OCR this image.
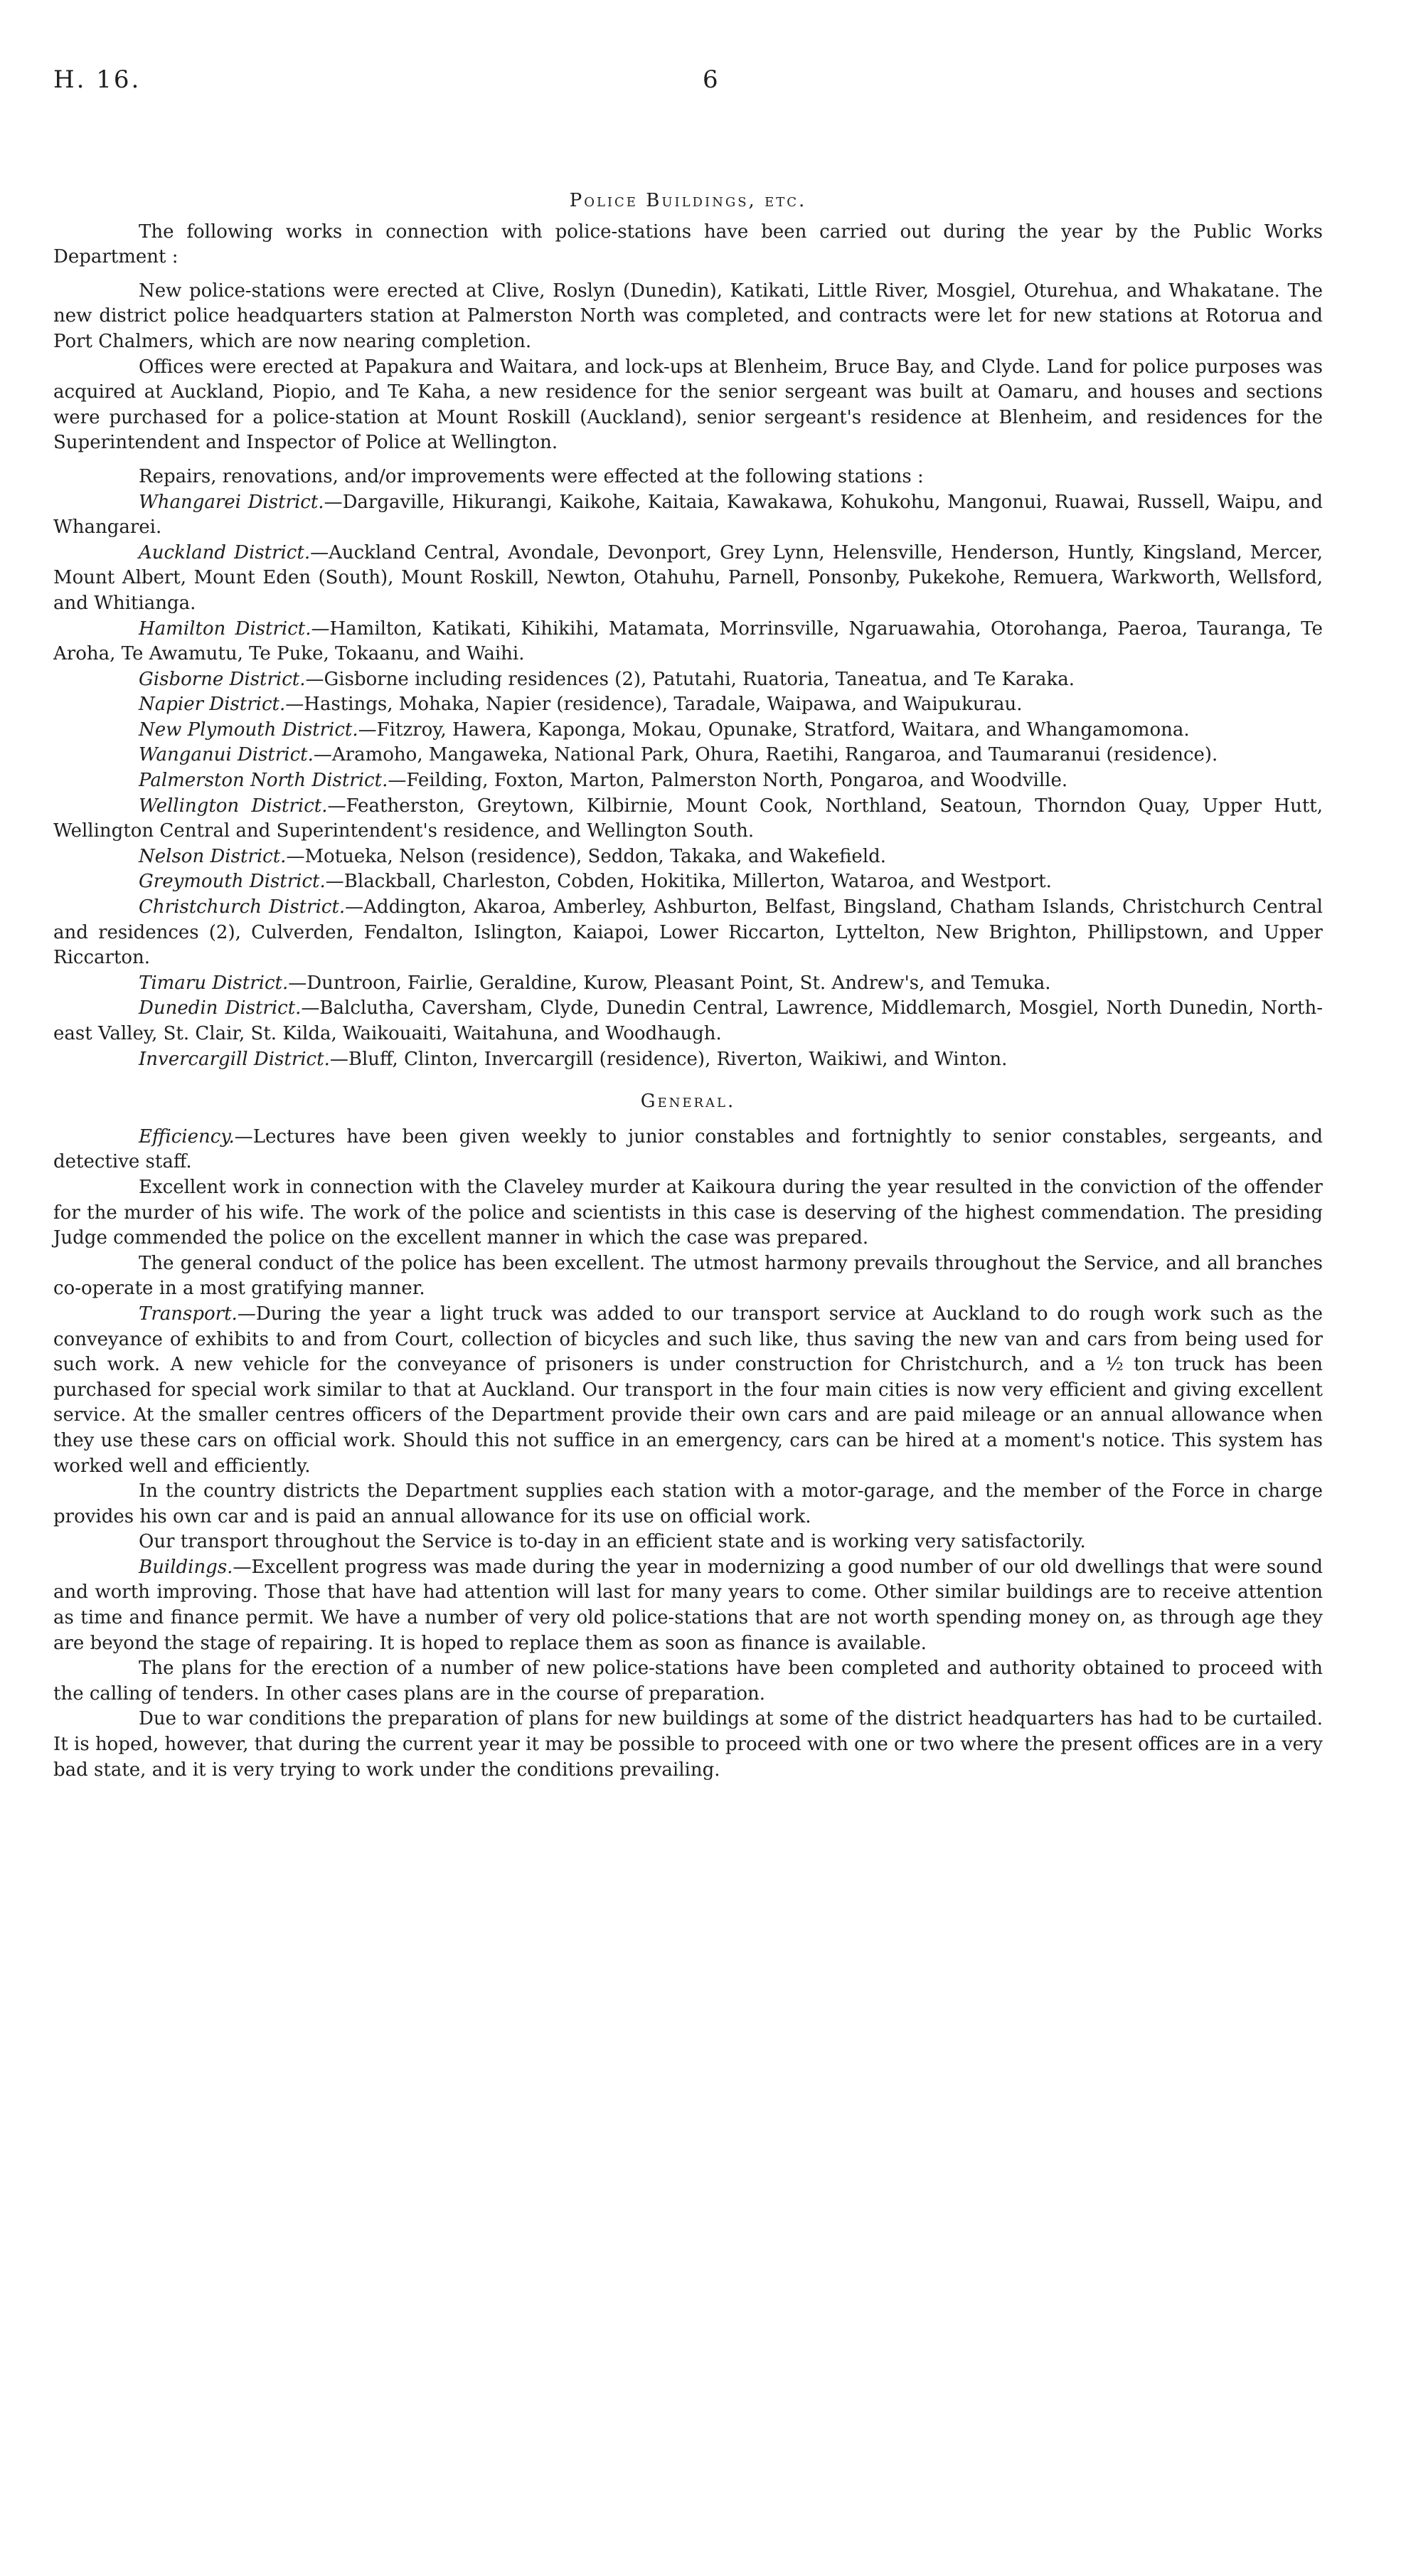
H. 16.	6
Police Buildings, etc.

The following works in connection with police-stations have been carried out during the year by the Public Works Department :

New police-stations were erected at Clive, Roslyn (Dunedin), Katikati, Little River, Mosgiel, Oturehua, and Whakatane. The new district police headquarters station at Palmerston North was completed, and contracts were let for new stations at Rotorua and Port Chalmers, which are now nearing completion.

Offices were erected at Papakura and Waitara, and lock-ups at Blenheim, Bruce Bay, and Clyde. Land for police purposes was acquired at Auckland, Piopio, and Te Kaha, a new residence for the senior sergeant was built at Oamaru, and houses and sections were purchased for a police-station at Mount Roskill (Auckland), senior sergeant's residence at Blenheim, and residences for the Superintendent and Inspector of Police at Wellington.

Repairs, renovations, and/or improvements were effected at the following stations :

Whangarei District.—Dargaville, Hikurangi, Kaikohe, Kaitaia, Kawakawa, Kohukohu, Mangonui, Ruawai, Russell, Waipu, and Whangarei.

Auckland District.—Auckland Central, Avondale, Devonport, Grey Lynn, Helensville, Henderson, Huntly, Kingsland, Mercer, Mount Albert, Mount Eden (South), Mount Roskill, Newton, Otahuhu, Parnell, Ponsonby, Pukekohe, Remuera, Warkworth, Wellsford, and Whitianga.

Hamilton District.—Hamilton, Katikati, Kihikihi, Matamata, Morrinsville, Ngaruawahia, Otorohanga, Paeroa, Tauranga, Te Aroha, Te Awamutu, Te Puke, Tokaanu, and Waihi.

Gisborne District.—Gisborne including residences (2), Patutahi, Ruatoria, Taneatua, and Te Karaka.

Napier District.—Hastings, Mohaka, Napier (residence), Taradale, Waipawa, and Waipukurau.

New Plymouth District.—Fitzroy, Hawera, Kaponga, Mokau, Opunake, Stratford, Waitara, and Whangamomona.

Wanganui District.—Aramoho, Mangaweka, National Park, Ohura, Raetihi, Rangaroa, and Taumaranui (residence).

Palmerston North District.—Feilding, Foxton, Marton, Palmerston North, Pongaroa, and Woodville.

Wellington District.—Featherston, Greytown, Kilbirnie, Mount Cook, Northland, Seatoun, Thorndon Quay, Upper Hutt, Wellington Central and Superintendent's residence, and Wellington South.

Nelson District.—Motueka, Nelson (residence), Seddon, Takaka, and Wakefield.

Greymouth District.—Blackball, Charleston, Cobden, Hokitika, Millerton, Wataroa, and Westport.

Christchurch District.—Addington, Akaroa, Amberley, Ashburton, Belfast, Bingsland, Chatham Islands, Christchurch Central and residences (2), Culverden, Fendalton, Islington, Kaiapoi, Lower Riccarton, Lyttelton, New Brighton, Phillipstown, and Upper Riccarton.

Timaru District.—Duntroon, Fairlie, Geraldine, Kurow, Pleasant Point, St. Andrew's, and Temuka.

Dunedin District.—Balclutha, Caversham, Clyde, Dunedin Central, Lawrence, Middlemarch, Mosgiel, North Dunedin, North-east Valley, St. Clair, St. Kilda, Waikouaiti, Waitahuna, and Woodhaugh.

Invercargill District.—Bluff, Clinton, Invercargill (residence), Riverton, Waikiwi, and Winton.

General.

Efficiency.—Lectures have been given weekly to junior constables and fortnightly to senior constables, sergeants, and detective staff.

Excellent work in connection with the Claveley murder at Kaikoura during the year resulted in the conviction of the offender for the murder of his wife. The work of the police and scientists in this case is deserving of the highest commendation. The presiding Judge commended the police on the excellent manner in which the case was prepared.

The general conduct of the police has been excellent. The utmost harmony prevails throughout the Service, and all branches co-operate in a most gratifying manner.

Transport.—During the year a light truck was added to our transport service at Auckland to do rough work such as the conveyance of exhibits to and from Court, collection of bicycles and such like, thus saving the new van and cars from being used for such work. A new vehicle for the conveyance of prisoners is under construction for Christchurch, and a ½ ton truck has been purchased for special work similar to that at Auckland. Our transport in the four main cities is now very efficient and giving excellent service. At the smaller centres officers of the Department provide their own cars and are paid mileage or an annual allowance when they use these cars on official work. Should this not suffice in an emergency, cars can be hired at a moment's notice. This system has worked well and efficiently.

In the country districts the Department supplies each station with a motor-garage, and the member of the Force in charge provides his own car and is paid an annual allowance for its use on official work.

Our transport throughout the Service is to-day in an efficient state and is working very satisfactorily.

Buildings.—Excellent progress was made during the year in modernizing a good number of our old dwellings that were sound and worth improving. Those that have had attention will last for many years to come. Other similar buildings are to receive attention as time and finance permit. We have a number of very old police-stations that are not worth spending money on, as through age they are beyond the stage of repairing. It is hoped to replace them as soon as finance is available.

The plans for the erection of a number of new police-stations have been completed and authority obtained to proceed with the calling of tenders. In other cases plans are in the course of preparation.

Due to war conditions the preparation of plans for new buildings at some of the district headquarters has had to be curtailed. It is hoped, however, that during the current year it may be possible to proceed with one or two where the present offices are in a very bad state, and it is very trying to work under the conditions prevailing.
